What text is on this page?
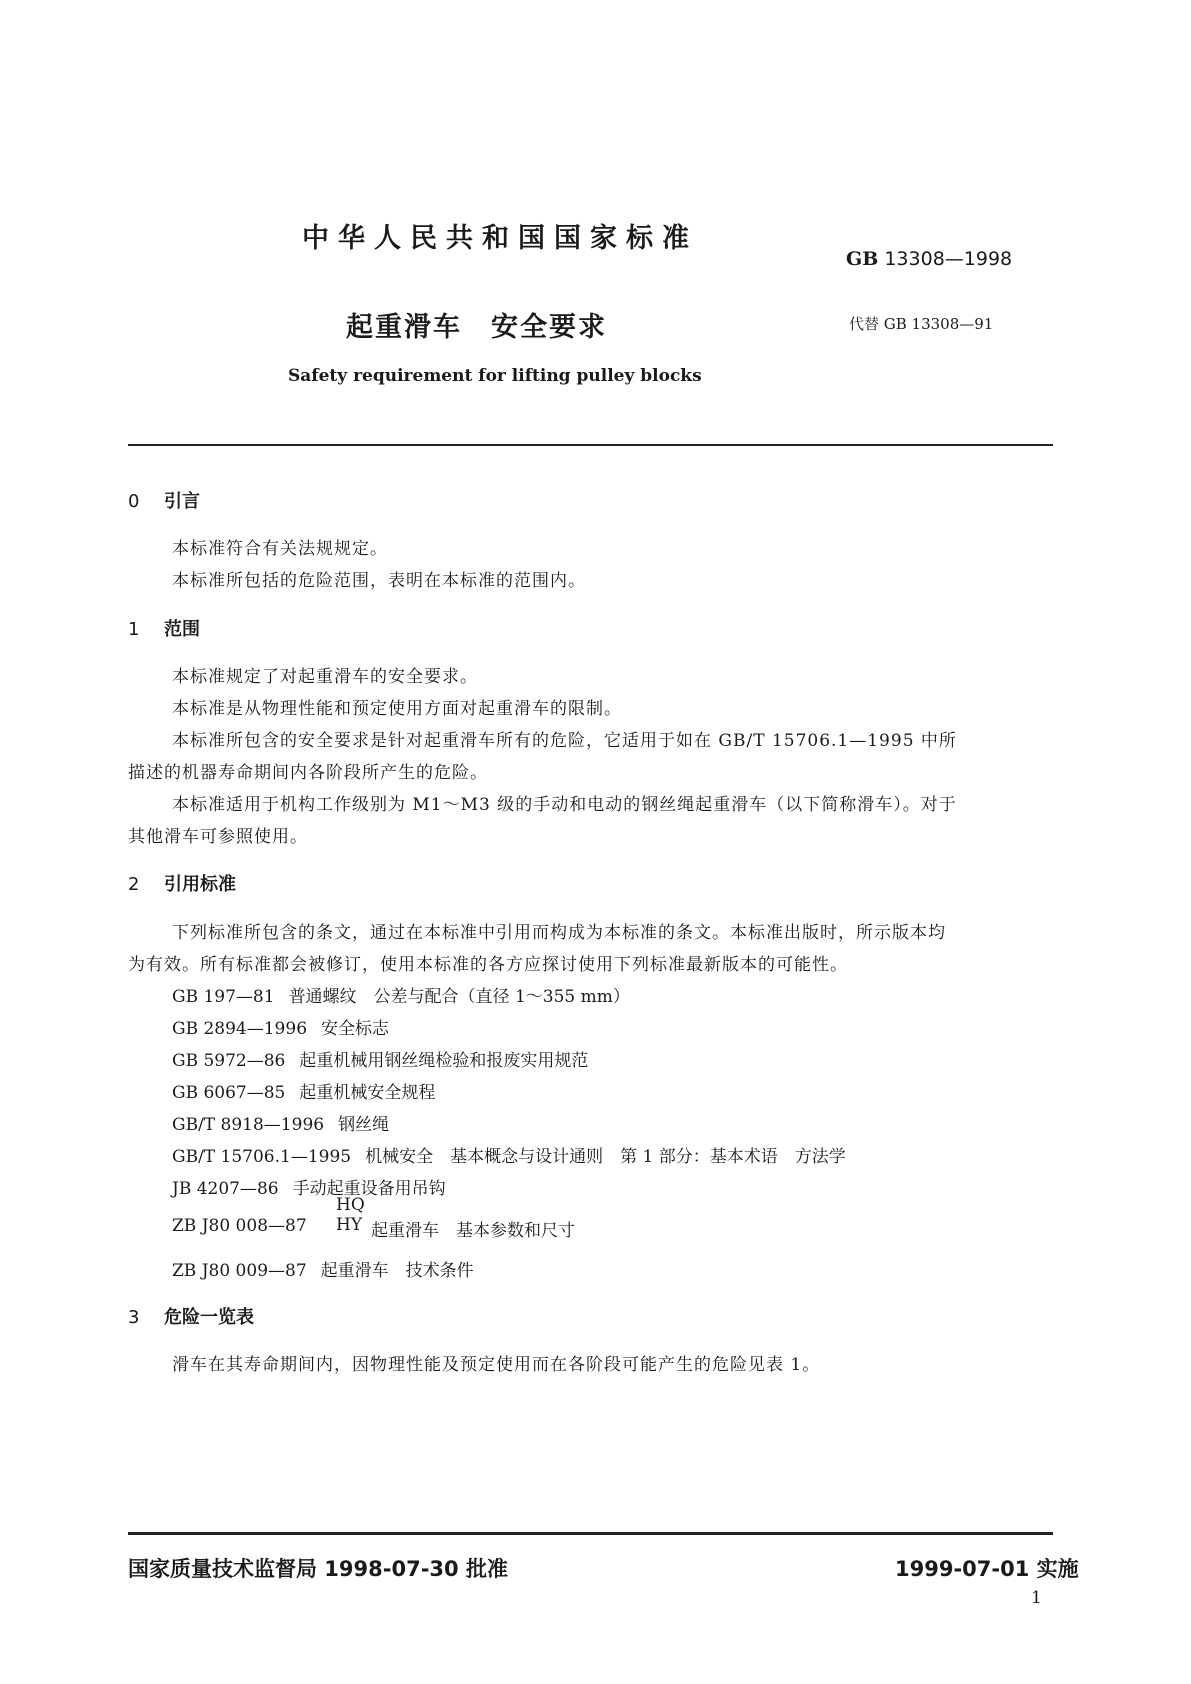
中华人民共和国国家标准
GB 13308—1998
起重滑车　安全要求	代替 GB 13308—91
Safety requirement for lifting pulley blocks
0 引言
本标准符合有关法规规定。
本标准所包括的危险范围，表明在本标准的范围内。
1 范围
本标准规定了对起重滑车的安全要求。
本标准是从物理性能和预定使用方面对起重滑车的限制。
本标准所包含的安全要求是针对起重滑车所有的危险，它适用于如在 GB/T 15706.1—1995 中所
描述的机器寿命期间内各阶段所产生的危险。
本标准适用于机构工作级别为 M1～M3 级的手动和电动的钢丝绳起重滑车（以下简称滑车）。对于
其他滑车可参照使用。
2 引用标准
下列标准所包含的条文，通过在本标准中引用而构成为本标准的条文。本标准出版时，所示版本均
为有效。所有标准都会被修订，使用本标准的各方应探讨使用下列标准最新版本的可能性。
GB 197—81 普通螺纹　公差与配合（直径 1～355 mm）
GB 2894—1996 安全标志
GB 5972—86 起重机械用钢丝绳检验和报废实用规范
GB 6067—85 起重机械安全规程
GB/T 8918—1996 钢丝绳
GB/T 15706.1—1995 机械安全　基本概念与设计通则　第 1 部分：基本术语　方法学
JB 4207—86 手动起重设备用吊钩
ZB J80 008—87
HQ
HY 起重滑车　基本参数和尺寸
ZB J80 009—87 起重滑车　技术条件
3 危险一览表
滑车在其寿命期间内，因物理性能及预定使用而在各阶段可能产生的危险见表 1。
国家质量技术监督局 1998-07-30 批准	1999-07-01 实施
1
